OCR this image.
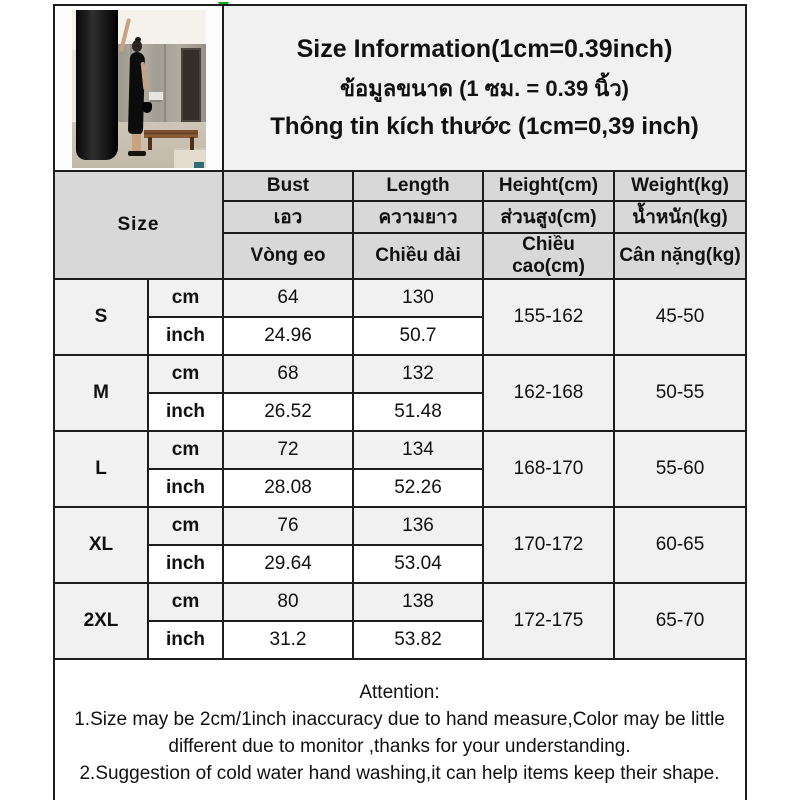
		Size Information(1cm=0.39inch)
ข้อมูลขนาด (1 ซม. = 0.39 นิ้ว)
Thông tin kích thước (1cm=0,39 inch)			

Size		Bust	Length	Height(cm)	Weight(kg)
		เอว	ความยาว	ส่วนสูง(cm)	น้ำหนัก(kg)
		Vòng eo	Chiều dài	Chiều cao(cm)	Cân nặng(kg)
S	cm	64	130	155-162	45-50
	inch	24.96	50.7		
M	cm	68	132	162-168	50-55
	inch	26.52	51.48		
L	cm	72	134	168-170	55-60
	inch	28.08	52.26		
XL	cm	76	136	170-172	60-65
	inch	29.64	53.04		
2XL	cm	80	138	172-175	65-70
	inch	31.2	53.82		

Attention:
1.Size may be 2cm/1inch inaccuracy due to hand measure,Color may be little different due to monitor ,thanks for your understanding.
2.Suggestion of cold water hand washing,it can help items keep their shape.					
